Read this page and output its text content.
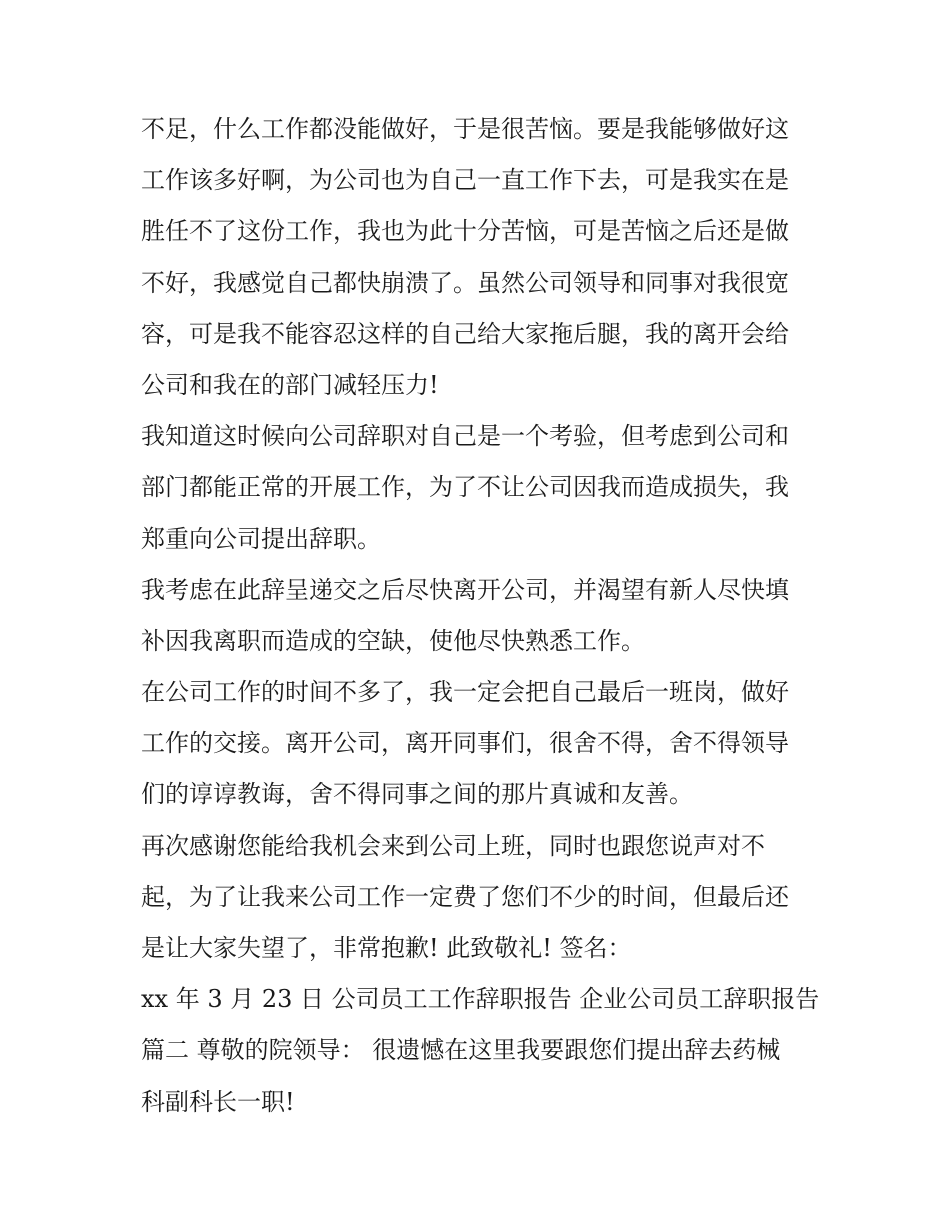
不足，什么工作都没能做好，于是很苦恼。要是我能够做好这
工作该多好啊，为公司也为自己一直工作下去，可是我实在是
胜任不了这份工作，我也为此十分苦恼，可是苦恼之后还是做
不好，我感觉自己都快崩溃了。虽然公司领导和同事对我很宽
容，可是我不能容忍这样的自己给大家拖后腿，我的离开会给
公司和我在的部门减轻压力!
我知道这时候向公司辞职对自己是一个考验，但考虑到公司和
部门都能正常的开展工作，为了不让公司因我而造成损失，我
郑重向公司提出辞职。
我考虑在此辞呈递交之后尽快离开公司，并渴望有新人尽快填
补因我离职而造成的空缺，使他尽快熟悉工作。
在公司工作的时间不多了，我一定会把自己最后一班岗，做好
工作的交接。离开公司，离开同事们，很舍不得，舍不得领导
们的谆谆教诲，舍不得同事之间的那片真诚和友善。
再次感谢您能给我机会来到公司上班，同时也跟您说声对不
起，为了让我来公司工作一定费了您们不少的时间，但最后还
是让大家失望了，非常抱歉! 此致敬礼! 签名：
xx 年 3 月 23 日 公司员工工作辞职报告 企业公司员工辞职报告
篇二 尊敬的院领导： 很遗憾在这里我要跟您们提出辞去药械
科副科长一职!
